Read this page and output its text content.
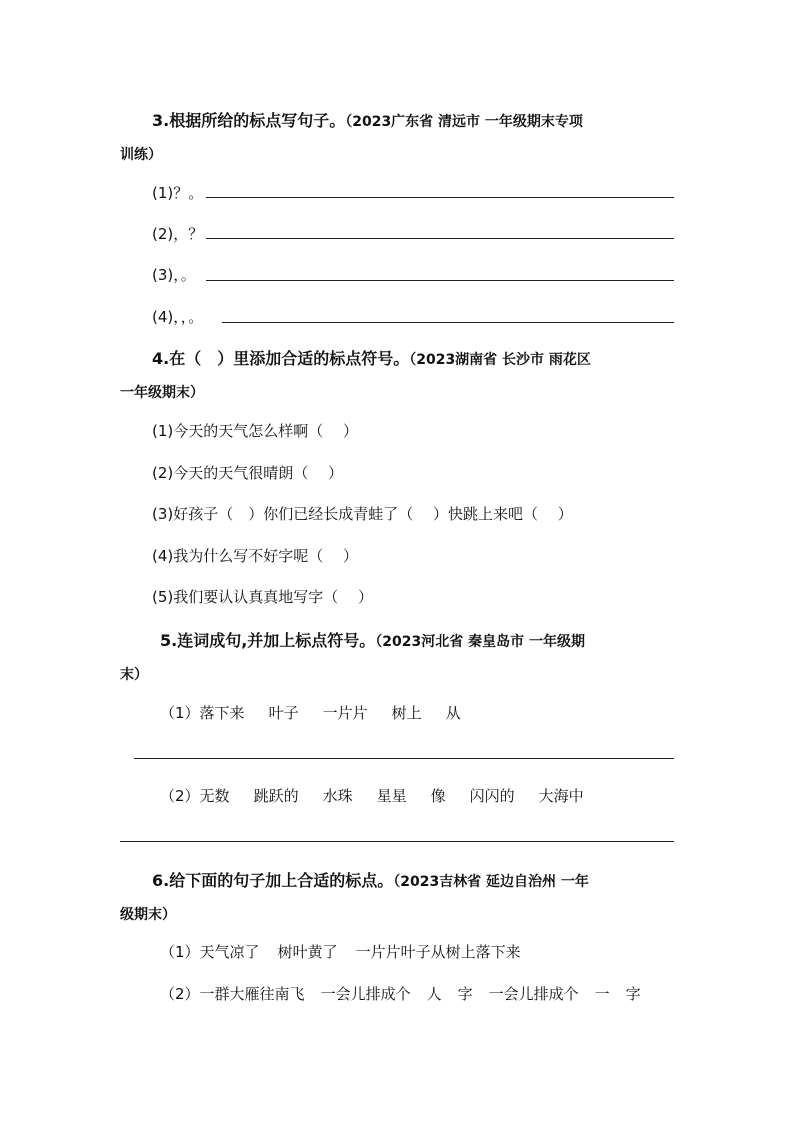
3.根据所给的标点写句子。（2023广东省 清远市 一年级期末专项
训练）
(1)？。
(2)，？
(3)，。
(4)，，。
4.在（　）里添加合适的标点符号。（2023湖南省 长沙市 雨花区
一年级期末）
(1)今天的天气怎么样啊（　 ）
(2)今天的天气很晴朗（　 ）
(3)好孩子（　）你们已经长成青蛙了（　 ）快跳上来吧（　 ）
(4)我为什么写不好字呢（　 ）
(5)我们要认认真真地写字（　 ）
5.连词成句,并加上标点符号。（2023河北省 秦皇岛市 一年级期
末）
（1）落下来 叶子 一片片 树上 从
（2）无数 跳跃的 水珠 星星 像 闪闪的 大海中
6.给下面的句子加上合适的标点。（2023吉林省 延边自治州 一年
级期末）
（1）天气凉了 树叶黄了 一片片叶子从树上落下来
（2）一群大雁往南飞 一会儿排成个 人 字 一会儿排成个 一 字
